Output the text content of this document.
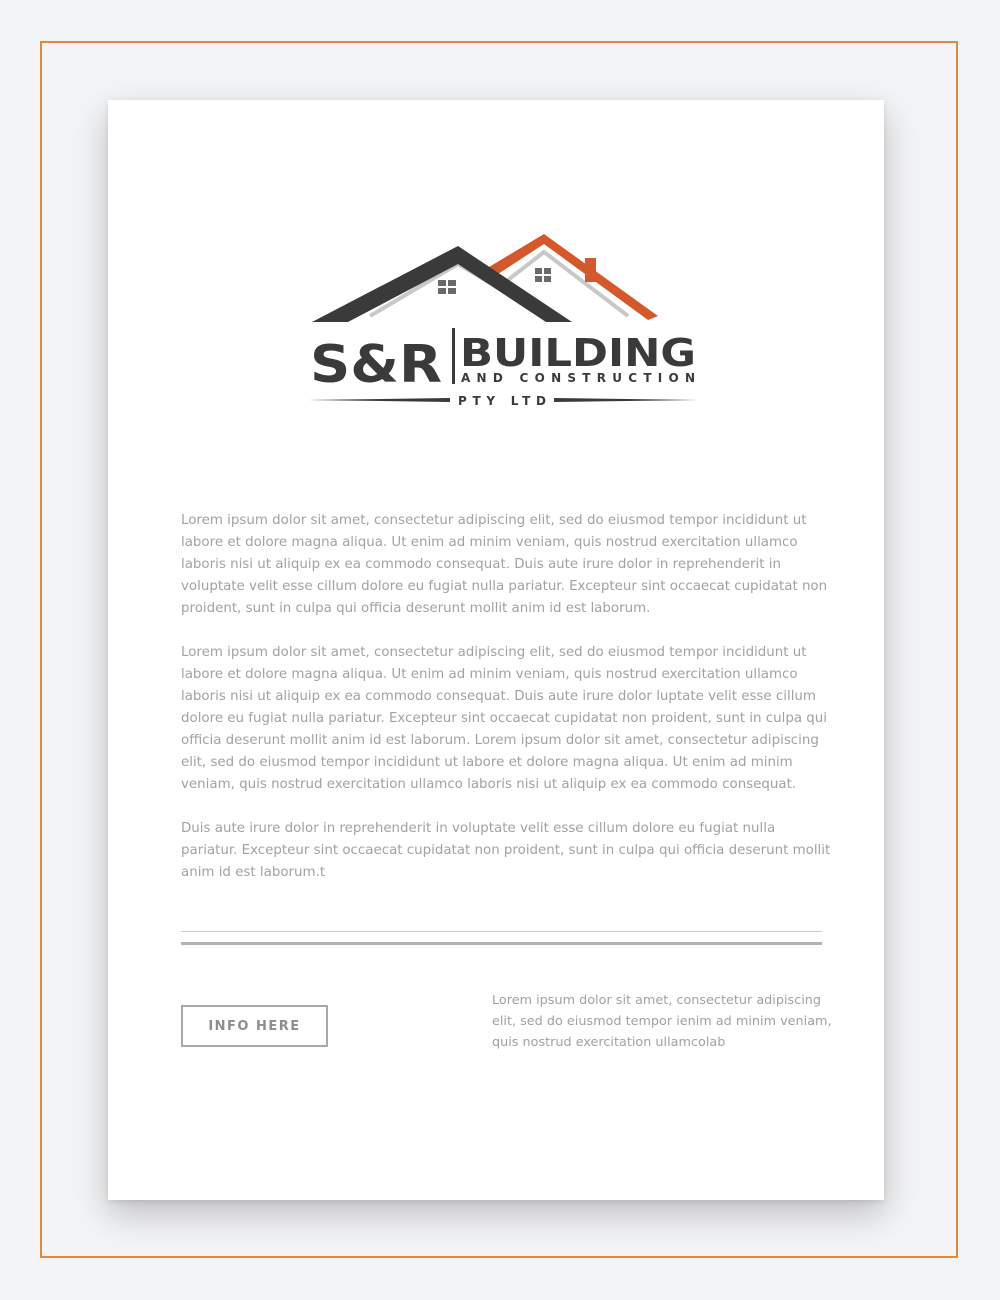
S&R BUILDING
AND CONSTRUCTION
PTY LTD

Lorem ipsum dolor sit amet, consectetur adipiscing elit, sed do eiusmod tempor incididunt ut labore et dolore magna aliqua. Ut enim ad minim veniam, quis nostrud exercitation ullamco laboris nisi ut aliquip ex ea commodo consequat. Duis aute irure dolor in reprehenderit in voluptate velit esse cillum dolore eu fugiat nulla pariatur. Excepteur sint occaecat cupidatat non proident, sunt in culpa qui officia deserunt mollit anim id est laborum.

Lorem ipsum dolor sit amet, consectetur adipiscing elit, sed do eiusmod tempor incididunt ut labore et dolore magna aliqua. Ut enim ad minim veniam, quis nostrud exercitation ullamco laboris nisi ut aliquip ex ea commodo consequat. Duis aute irure dolor luptate velit esse cillum dolore eu fugiat nulla pariatur. Excepteur sint occaecat cupidatat non proident, sunt in culpa qui officia deserunt mollit anim id est laborum. Lorem ipsum dolor sit amet, consectetur adipiscing elit, sed do eiusmod tempor incididunt ut labore et dolore magna aliqua. Ut enim ad minim veniam, quis nostrud exercitation ullamco laboris nisi ut aliquip ex ea commodo consequat.

Duis aute irure dolor in reprehenderit in voluptate velit esse cillum dolore eu fugiat nulla pariatur. Excepteur sint occaecat cupidatat non proident, sunt in culpa qui officia deserunt mollit anim id est laborum.t

INFO HERE
Lorem ipsum dolor sit amet, consectetur adipiscing elit, sed do eiusmod tempor ienim ad minim veniam, quis nostrud exercitation ullamcolab
